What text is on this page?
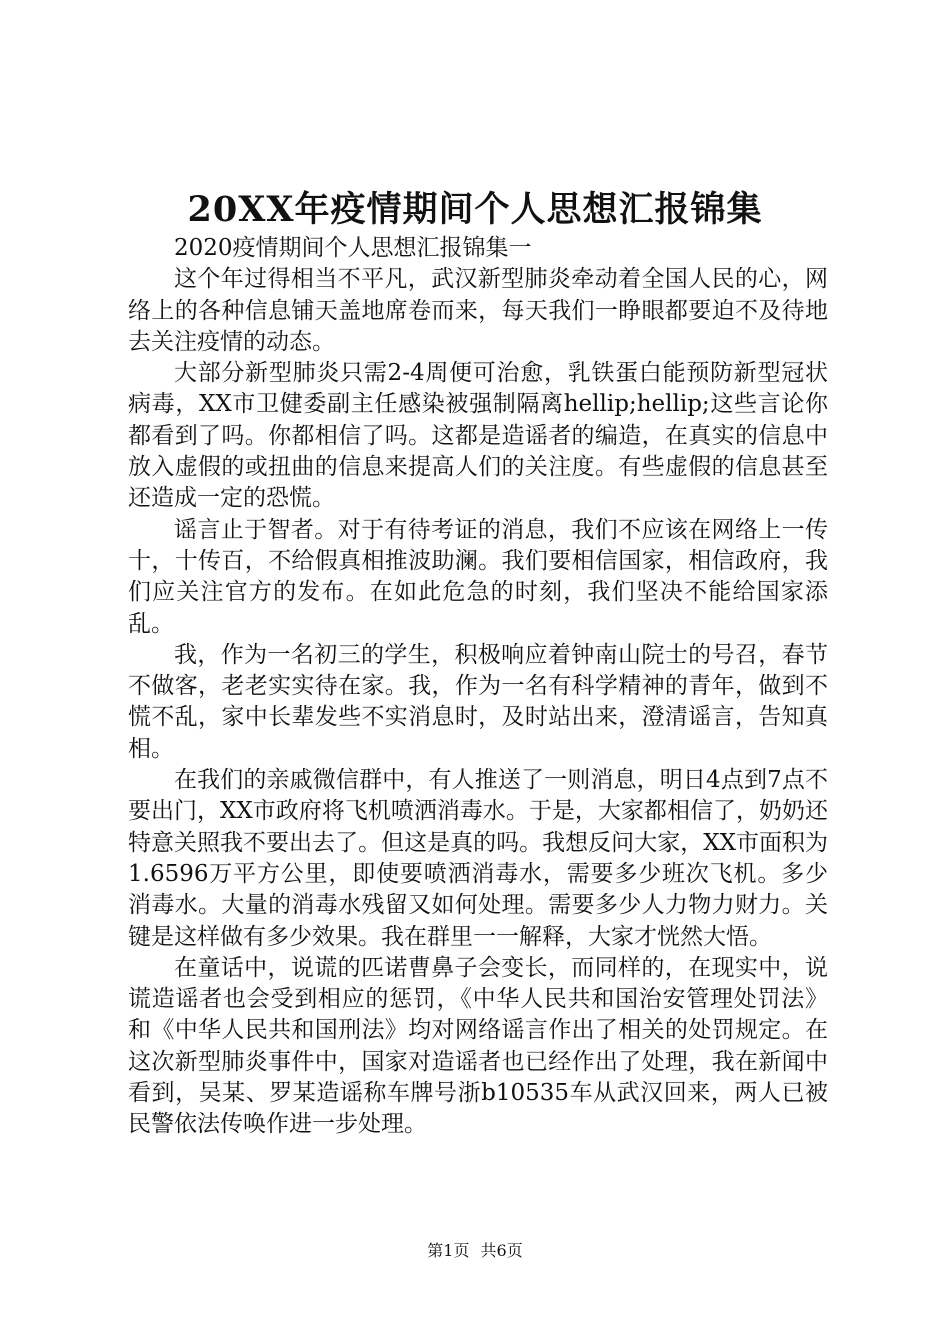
20XX年疫情期间个人思想汇报锦集

2020疫情期间个人思想汇报锦集一

这个年过得相当不平凡，武汉新型肺炎牵动着全国人民的心，网络上的各种信息铺天盖地席卷而来，每天我们一睁眼都要迫不及待地去关注疫情的动态。

大部分新型肺炎只需2-4周便可治愈，乳铁蛋白能预防新型冠状病毒，XX市卫健委副主任感染被强制隔离hellip;hellip;这些言论你都看到了吗。你都相信了吗。这都是造谣者的编造，在真实的信息中放入虚假的或扭曲的信息来提高人们的关注度。有些虚假的信息甚至还造成一定的恐慌。

谣言止于智者。对于有待考证的消息，我们不应该在网络上一传十，十传百，不给假真相推波助澜。我们要相信国家，相信政府，我们应关注官方的发布。在如此危急的时刻，我们坚决不能给国家添乱。

我，作为一名初三的学生，积极响应着钟南山院士的号召，春节不做客，老老实实待在家。我，作为一名有科学精神的青年，做到不慌不乱，家中长辈发些不实消息时，及时站出来，澄清谣言，告知真相。

在我们的亲戚微信群中，有人推送了一则消息，明日4点到7点不要出门，XX市政府将飞机喷洒消毒水。于是，大家都相信了，奶奶还特意关照我不要出去了。但这是真的吗。我想反问大家，XX市面积为1.6596万平方公里，即使要喷洒消毒水，需要多少班次飞机。多少消毒水。大量的消毒水残留又如何处理。需要多少人力物力财力。关键是这样做有多少效果。我在群里一一解释，大家才恍然大悟。

在童话中，说谎的匹诺曹鼻子会变长，而同样的，在现实中，说谎造谣者也会受到相应的惩罚，《中华人民共和国治安管理处罚法》和《中华人民共和国刑法》均对网络谣言作出了相关的处罚规定。在这次新型肺炎事件中，国家对造谣者也已经作出了处理，我在新闻中看到，吴某、罗某造谣称车牌号浙b10535车从武汉回来，两人已被民警依法传唤作进一步处理。

第1页 共6页
